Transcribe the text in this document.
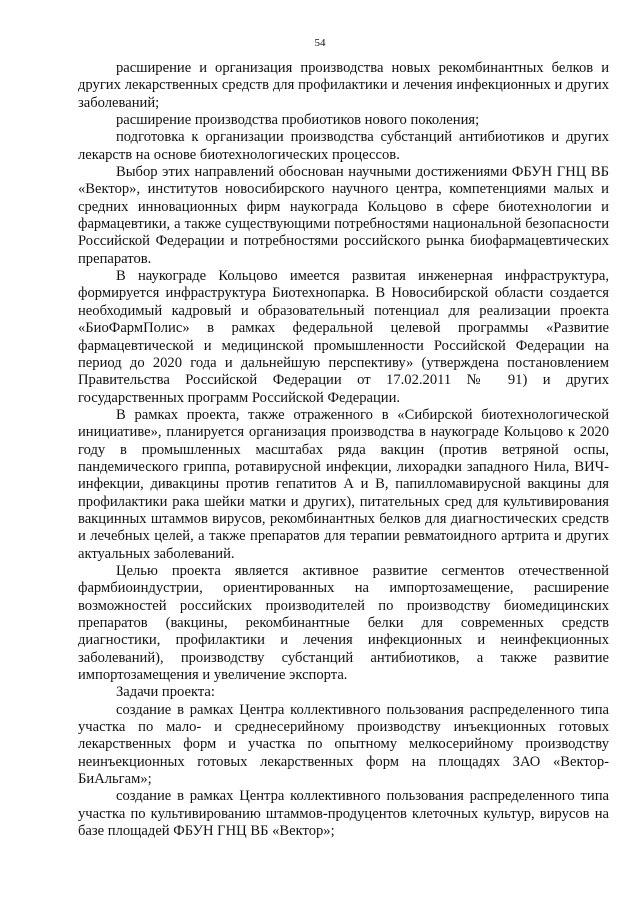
54

расширение и организация производства новых рекомбинантных белков и других лекарственных средств для профилактики и лечения инфекционных и других заболеваний;

расширение производства пробиотиков нового поколения;

подготовка к организации производства субстанций антибиотиков и других лекарств на основе биотехнологических процессов.

Выбор этих направлений обоснован научными достижениями ФБУН ГНЦ ВБ «Вектор», институтов новосибирского научного центра, компетенциями малых и средних инновационных фирм наукограда Кольцово в сфере биотехнологии и фармацевтики, а также существующими потребностями национальной безопасности Российской Федерации и потребностями российского рынка биофармацевтических препаратов.

В наукограде Кольцово имеется развитая инженерная инфраструктура, формируется инфраструктура Биотехнопарка. В Новосибирской области создается необходимый кадровый и образовательный потенциал для реализации проекта «БиоФармПолис» в рамках федеральной целевой программы «Развитие фармацевтической и медицинской промышленности Российской Федерации на период до 2020 года и дальнейшую перспективу» (утверждена постановлением Правительства Российской Федерации от 17.02.2011 № 91) и других государственных программ Российской Федерации.

В рамках проекта, также отраженного в «Сибирской биотехнологической инициативе», планируется организация производства в наукограде Кольцово к 2020 году в промышленных масштабах ряда вакцин (против ветряной оспы, пандемического гриппа, ротавирусной инфекции, лихорадки западного Нила, ВИЧ-инфекции, дивакцины против гепатитов А и В, папилломавирусной вакцины для профилактики рака шейки матки и других), питательных сред для культивирования вакцинных штаммов вирусов, рекомбинантных белков для диагностических средств и лечебных целей, а также препаратов для терапии ревматоидного артрита и других актуальных заболеваний.

Целью проекта является активное развитие сегментов отечественной фармбиоиндустрии, ориентированных на импортозамещение, расширение возможностей российских производителей по производству биомедицинских препаратов (вакцины, рекомбинантные белки для современных средств диагностики, профилактики и лечения инфекционных и неинфекционных заболеваний), производству субстанций антибиотиков, а также развитие импортозамещения и увеличение экспорта.

Задачи проекта:

создание в рамках Центра коллективного пользования распределенного типа участка по мало- и среднесерийному производству инъекционных готовых лекарственных форм и участка по опытному мелкосерийному производству неинъекционных готовых лекарственных форм на площадях ЗАО «Вектор-БиАльгам»;

создание в рамках Центра коллективного пользования распределенного типа участка по культивированию штаммов-продуцентов клеточных культур, вирусов на базе площадей ФБУН ГНЦ ВБ «Вектор»;
